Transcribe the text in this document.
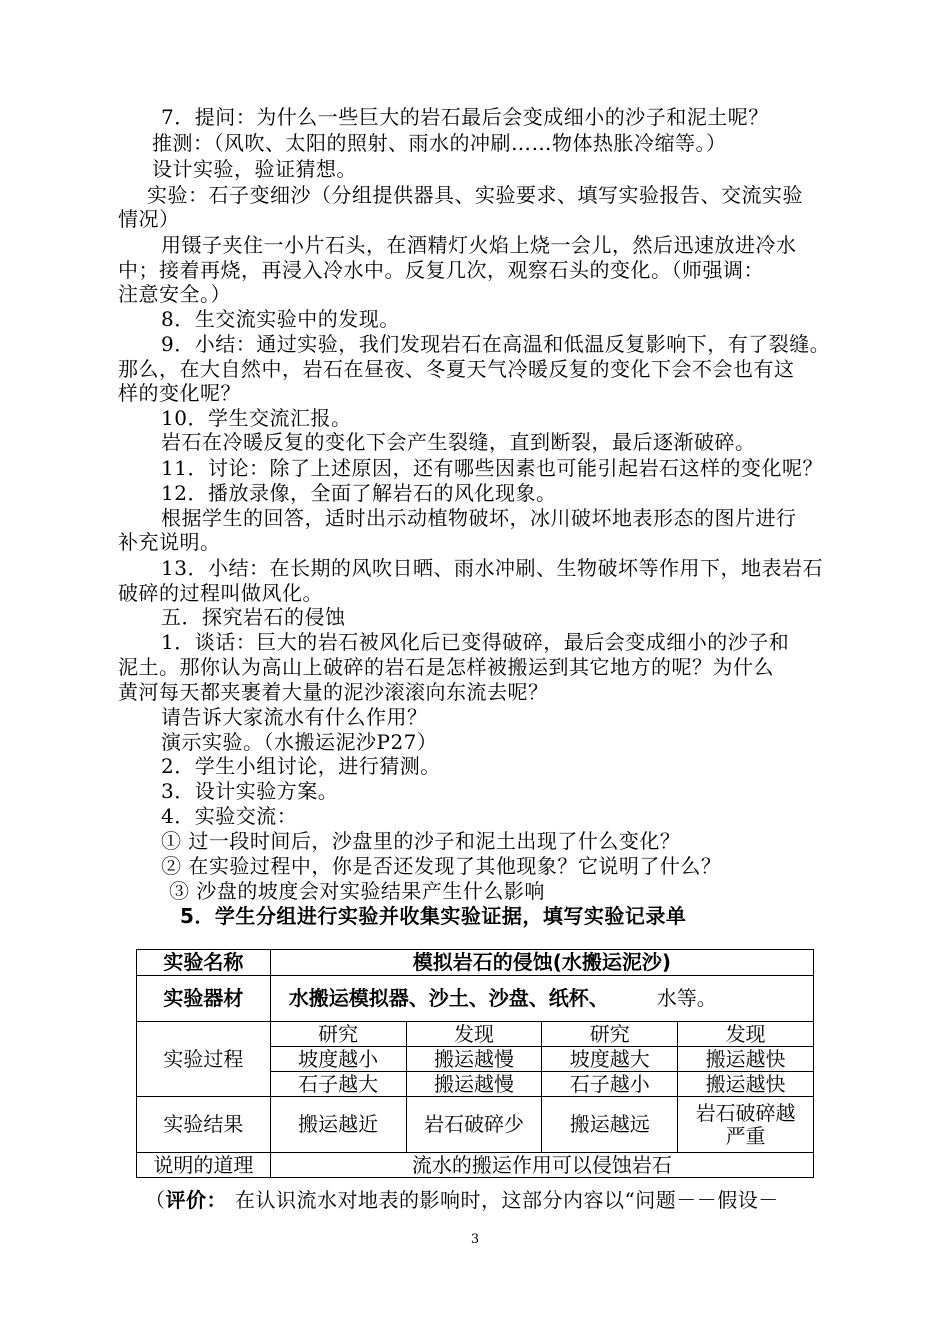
7．提问：为什么一些巨大的岩石最后会变成细小的沙子和泥土呢？
推测：（风吹、太阳的照射、雨水的冲刷……物体热胀冷缩等。）
设计实验，验证猜想。
实验：石子变细沙（分组提供器具、实验要求、填写实验报告、交流实验
情况）
用镊子夹住一小片石头，在酒精灯火焰上烧一会儿，然后迅速放进冷水
中；接着再烧，再浸入冷水中。反复几次，观察石头的变化。（师强调：
注意安全。）
8．生交流实验中的发现。
9．小结：通过实验，我们发现岩石在高温和低温反复影响下，有了裂缝。
那么，在大自然中，岩石在昼夜、冬夏天气冷暖反复的变化下会不会也有这
样的变化呢？
10．学生交流汇报。
岩石在冷暖反复的变化下会产生裂缝，直到断裂，最后逐渐破碎。
11．讨论：除了上述原因，还有哪些因素也可能引起岩石这样的变化呢？
12．播放录像，全面了解岩石的风化现象。
根据学生的回答，适时出示动植物破坏，冰川破坏地表形态的图片进行
补充说明。
13．小结：在长期的风吹日晒、雨水冲刷、生物破坏等作用下，地表岩石
破碎的过程叫做风化。
五．探究岩石的侵蚀
1．谈话：巨大的岩石被风化后已变得破碎，最后会变成细小的沙子和
泥土。那你认为高山上破碎的岩石是怎样被搬运到其它地方的呢？为什么
黄河每天都夹裹着大量的泥沙滚滚向东流去呢？
请告诉大家流水有什么作用？
演示实验。（水搬运泥沙P27）
2．学生小组讨论，进行猜测。
3．设计实验方案。
4．实验交流：
① 过一段时间后，沙盘里的沙子和泥土出现了什么变化？
② 在实验过程中，你是否还发现了其他现象？它说明了什么？
③ 沙盘的坡度会对实验结果产生什么影响
5．学生分组进行实验并收集实验证据，填写实验记录单
实验名称	模拟岩石的侵蚀(水搬运泥沙)			
实验器材	水搬运模拟器、沙土、沙盘、纸杯、 水等。			
实验过程	研究	发现	研究	发现
	坡度越小	搬运越慢	坡度越大	搬运越快
	石子越大	搬运越慢	石子越小	搬运越快
实验结果	搬运越近	岩石破碎少	搬运越远	岩石破碎越严重
说明的道理	流水的搬运作用可以侵蚀岩石			
（评价： 在认识流水对地表的影响时，这部分内容以“问题－－假设－
3
